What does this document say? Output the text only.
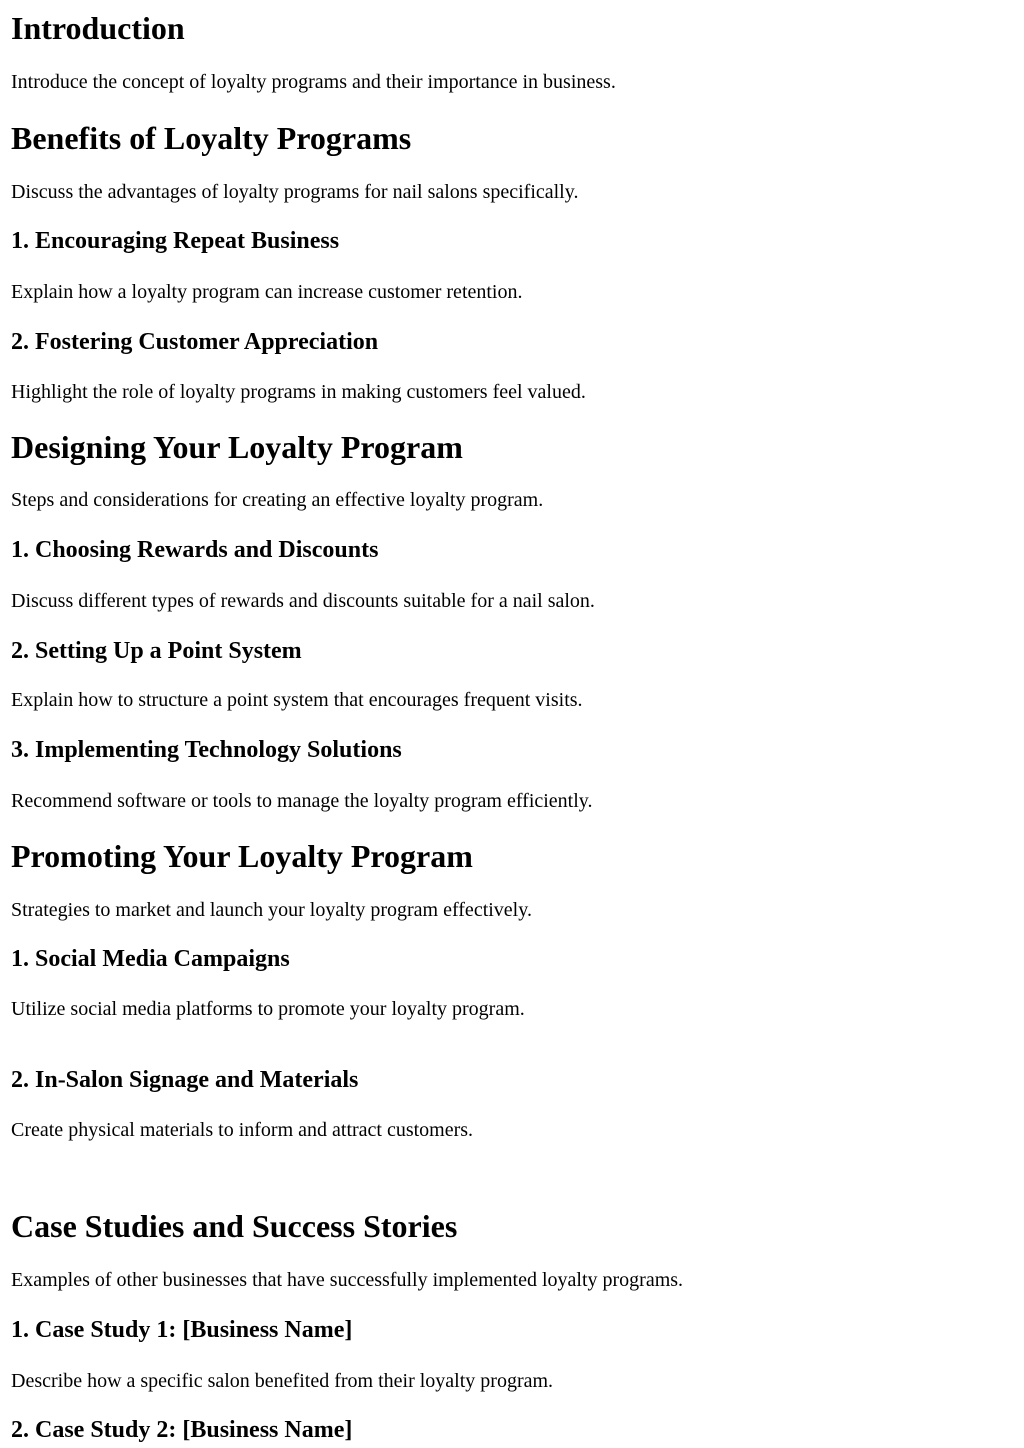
Introduction

Introduce the concept of loyalty programs and their importance in business.

Benefits of Loyalty Programs

Discuss the advantages of loyalty programs for nail salons specifically.

1. Encouraging Repeat Business

Explain how a loyalty program can increase customer retention.

2. Fostering Customer Appreciation

Highlight the role of loyalty programs in making customers feel valued.

Designing Your Loyalty Program

Steps and considerations for creating an effective loyalty program.

1. Choosing Rewards and Discounts

Discuss different types of rewards and discounts suitable for a nail salon.

2. Setting Up a Point System

Explain how to structure a point system that encourages frequent visits.

3. Implementing Technology Solutions

Recommend software or tools to manage the loyalty program efficiently.

Promoting Your Loyalty Program

Strategies to market and launch your loyalty program effectively.

1. Social Media Campaigns

Utilize social media platforms to promote your loyalty program.

2. In-Salon Signage and Materials

Create physical materials to inform and attract customers.

Case Studies and Success Stories

Examples of other businesses that have successfully implemented loyalty programs.

1. Case Study 1: [Business Name]

Describe how a specific salon benefited from their loyalty program.

2. Case Study 2: [Business Name]
